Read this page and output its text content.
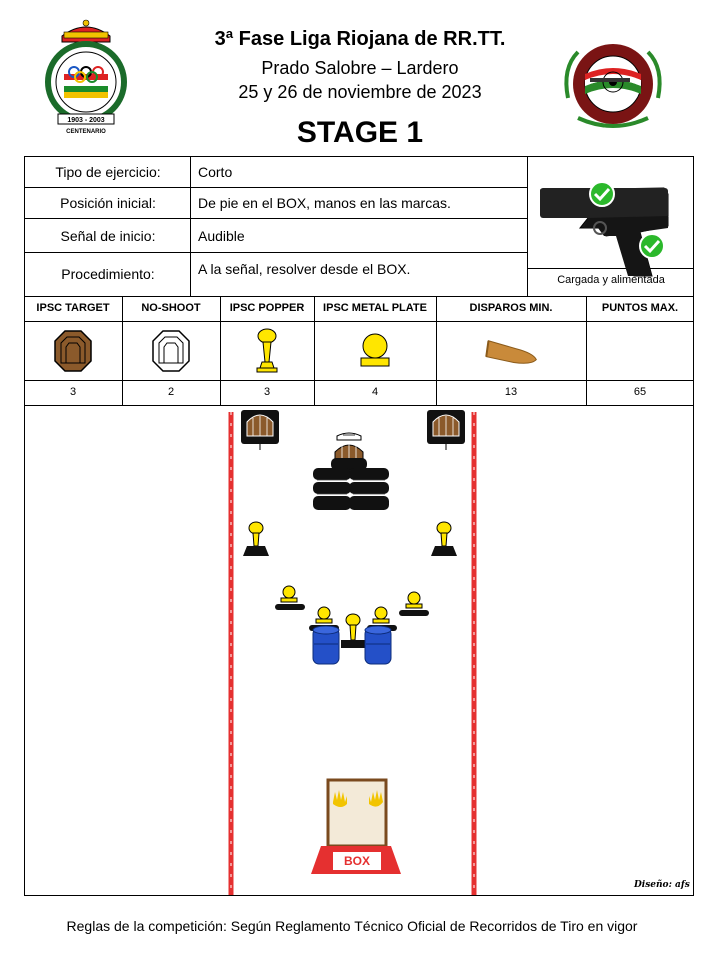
1903 - 2003
CENTENARIO
3ª Fase Liga Riojana de RR.TT.
Prado Salobre – Lardero
25 y 26 de noviembre de 2023
STAGE 1
Tipo de ejercicio:	Corto
Posición inicial:	De pie en el BOX, manos en las marcas.
Señal de inicio:	Audible
Procedimiento:	A la señal, resolver desde el BOX.
Cargada y alimentada
IPSC TARGET	NO-SHOOT	IPSC POPPER	IPSC METAL PLATE	DISPAROS MIN.	PUNTOS MAX.
3	2	3	4	13	65
BOX
Diseño: afs
Reglas de la competición: Según Reglamento Técnico Oficial de Recorridos de Tiro en vigor
